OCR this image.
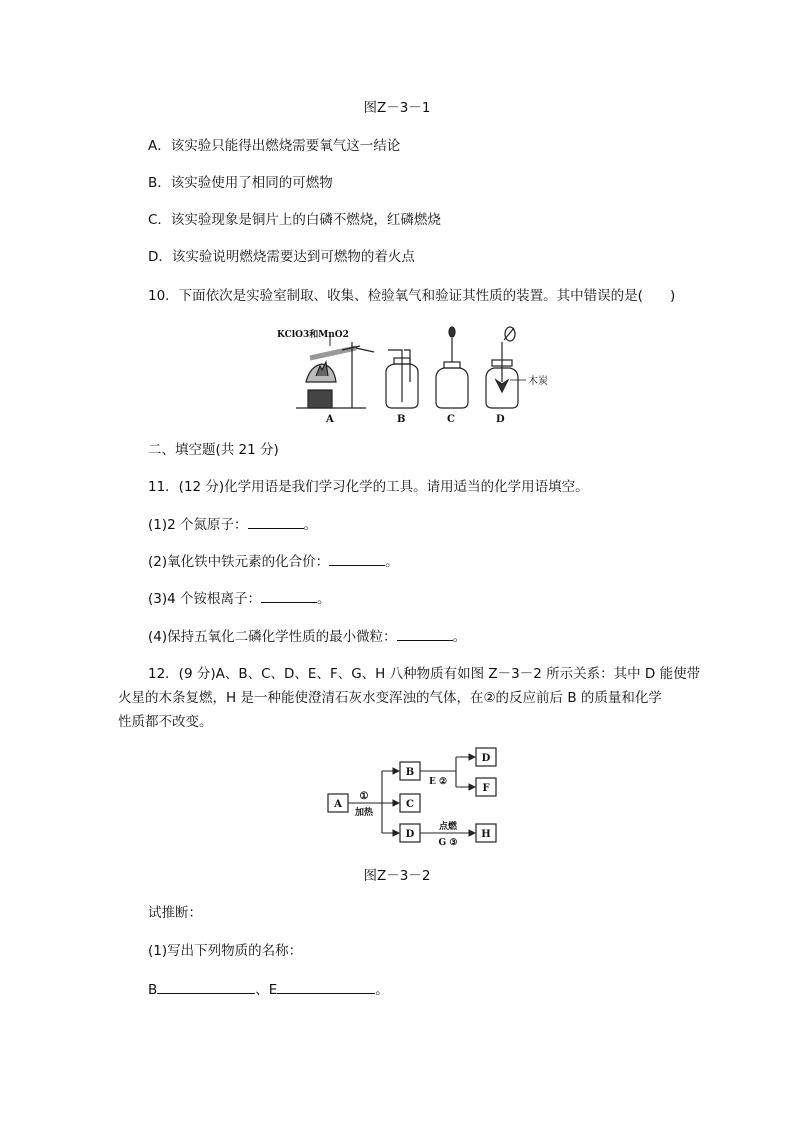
图Z－3－1
A．该实验只能得出燃烧需要氧气这一结论
B．该实验使用了相同的可燃物
C．该实验现象是铜片上的白磷不燃烧，红磷燃烧
D．该实验说明燃烧需要达到可燃物的着火点
10．下面依次是实验室制取、收集、检验氧气和验证其性质的装置。其中错误的是(　　)
KClO3和MnO2
A	B	C
木炭
D
二、填空题(共 21 分)
11．(12 分)化学用语是我们学习化学的工具。请用适当的化学用语填空。
(1)2 个氮原子：	。
(2)氧化铁中铁元素的化合价：	。
(3)4 个铵根离子：	。
(4)保持五氧化二磷化学性质的最小微粒：	。
12．(9 分)A、B、C、D、E、F、G、H 八种物质有如图 Z－3－2 所示关系：其中 D 能使带
火星的木条复燃，H 是一种能使澄清石灰水变浑浊的气体，在②的反应前后 B 的质量和化学
性质都不改变。
A
B
C
D
D
F
H
①
加热
E ②
点燃
G ③
图Z－3－2
试推断：
(1)写出下列物质的名称：
B	、E	。
